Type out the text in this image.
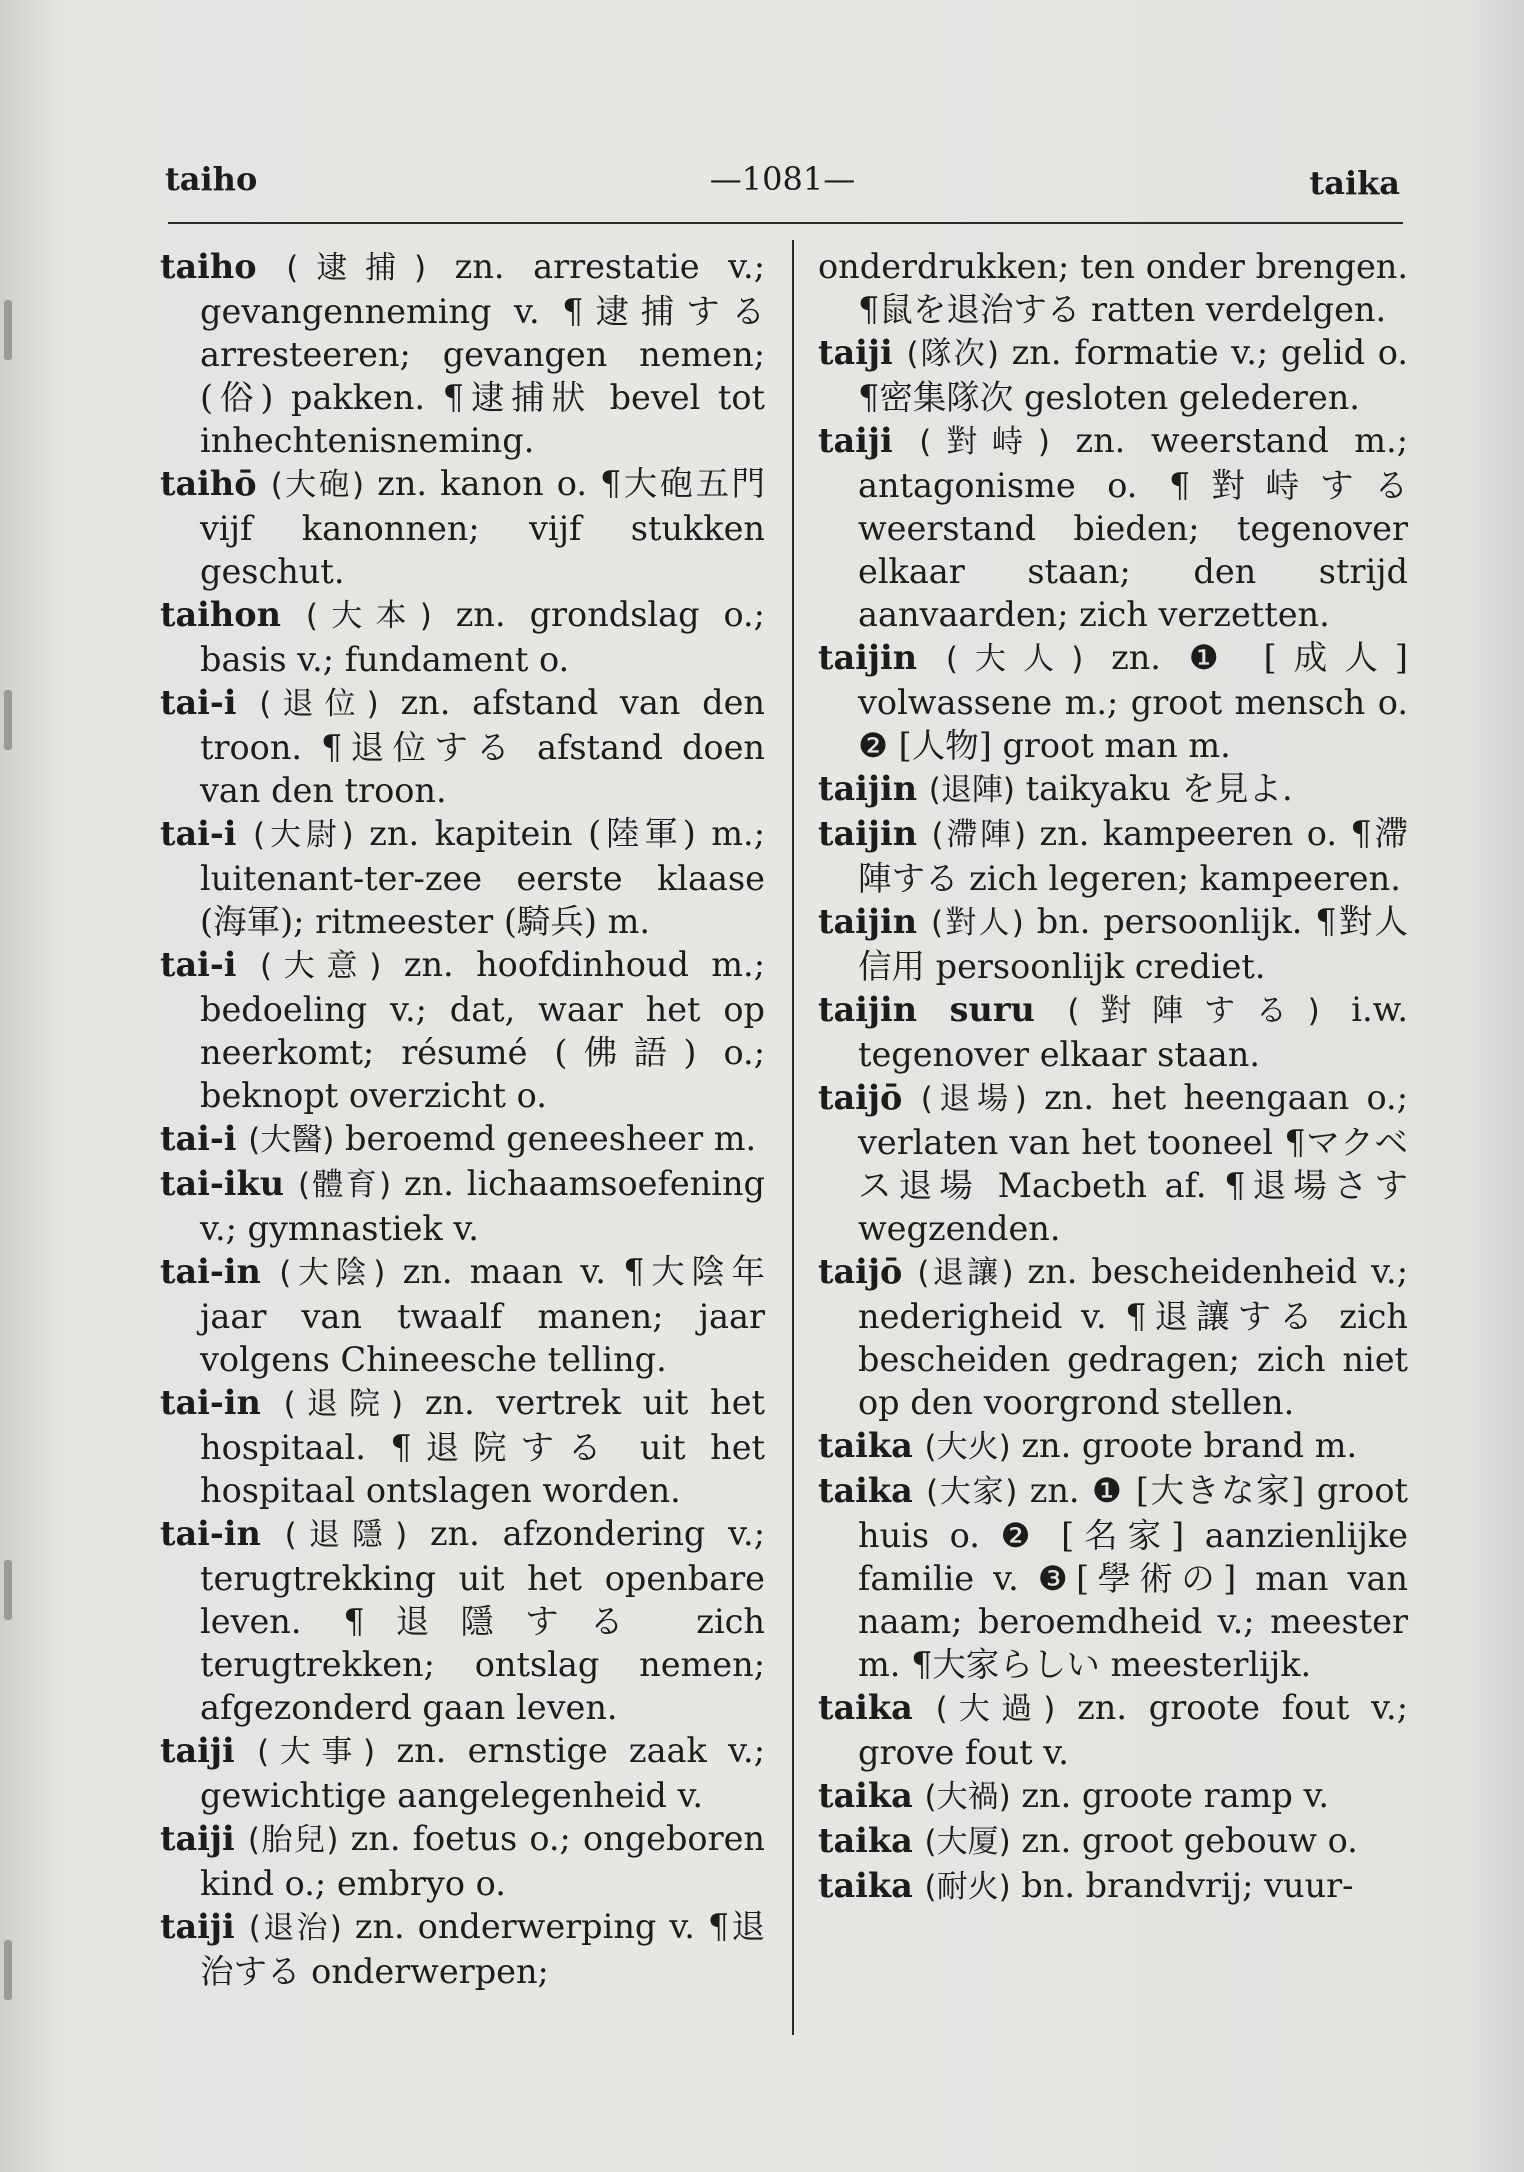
taiho	—1081—	taika

taiho (逮捕) zn. arrestatie v.; gevangenneming v. ¶逮捕する arresteeren; gevangen nemen; (俗) pakken. ¶逮捕狀 bevel tot inhechtenisneming.

taihō (大砲) zn. kanon o. ¶大砲五門 vijf kanonnen; vijf stukken geschut.

taihon (大本) zn. grondslag o.; basis v.; fundament o.

tai-i (退位) zn. afstand van den troon. ¶退位する afstand doen van den troon.

tai-i (大尉) zn. kapitein (陸軍) m.; luitenant-ter-zee eerste klaase (海軍); ritmeester (騎兵) m.

tai-i (大意) zn. hoofdinhoud m.; bedoeling v.; dat, waar het op neerkomt; résumé (佛語) o.; beknopt overzicht o.

tai-i (大醫) beroemd geneesheer m.

tai-iku (體育) zn. lichaamsoefening v.; gymnastiek v.

tai-in (大陰) zn. maan v. ¶大陰年 jaar van twaalf manen; jaar volgens Chineesche telling.

tai-in (退院) zn. vertrek uit het hospitaal. ¶退院する uit het hospitaal ontslagen worden.

tai-in (退隱) zn. afzondering v.; terugtrekking uit het openbare leven. ¶退隱する zich terugtrekken; ontslag nemen; afgezonderd gaan leven.

taiji (大事) zn. ernstige zaak v.; gewichtige aangelegenheid v.

taiji (胎兒) zn. foetus o.; ongeboren kind o.; embryo o.

taiji (退治) zn. onderwerping v. ¶退治する onderwerpen;

onderdrukken; ten onder brengen. ¶鼠を退治する ratten verdelgen.

taiji (隊次) zn. formatie v.; gelid o. ¶密集隊次 gesloten gelederen.

taiji (對峙) zn. weerstand m.; antagonisme o. ¶對峙する weerstand bieden; tegenover elkaar staan; den strijd aanvaarden; zich verzetten.

taijin (大人) zn. ❶ [成人] volwassene m.; groot mensch o. ❷ [人物] groot man m.

taijin (退陣) taikyaku を見よ.

taijin (滯陣) zn. kampeeren o. ¶滯陣する zich legeren; kampeeren.

taijin (對人) bn. persoonlijk. ¶對人信用 persoonlijk crediet.

taijin suru (對陣する) i.w. tegenover elkaar staan.

taijō (退場) zn. het heengaan o.; verlaten van het tooneel ¶マクベス退場 Macbeth af. ¶退場さす wegzenden.

taijō (退讓) zn. bescheidenheid v.; nederigheid v. ¶退讓する zich bescheiden gedragen; zich niet op den voorgrond stellen.

taika (大火) zn. groote brand m.

taika (大家) zn. ❶ [大きな家] groot huis o. ❷ [名家] aanzienlijke familie v. ❸[學術の] man van naam; beroemdheid v.; meester m. ¶大家らしい meesterlijk.

taika (大過) zn. groote fout v.; grove fout v.

taika (大禍) zn. groote ramp v.

taika (大厦) zn. groot gebouw o.

taika (耐火) bn. brandvrij; vuur-
